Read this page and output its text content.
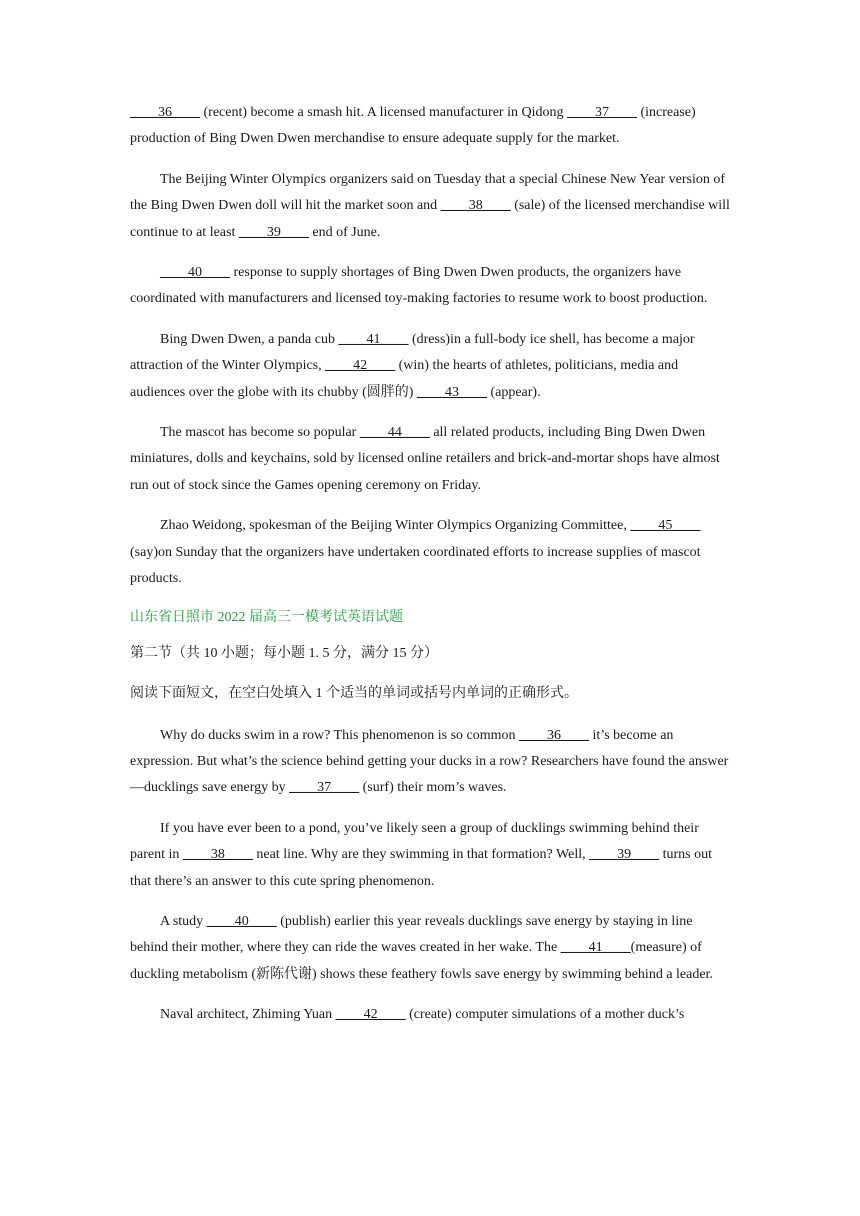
____36____ (recent) become a smash hit. A licensed manufacturer in Qidong ____37____ (increase) production of Bing Dwen Dwen merchandise to ensure adequate supply for the market.

The Beijing Winter Olympics organizers said on Tuesday that a special Chinese New Year version of the Bing Dwen Dwen doll will hit the market soon and ____38____ (sale) of the licensed merchandise will continue to at least ____39____ end of June.

____40____ response to supply shortages of Bing Dwen Dwen products, the organizers have coordinated with manufacturers and licensed toy-making factories to resume work to boost production.

Bing Dwen Dwen, a panda cub ____41____ (dress)in a full-body ice shell, has become a major attraction of the Winter Olympics, ____42____ (win) the hearts of athletes, politicians, media and audiences over the globe with its chubby (圆胖的) ____43____ (appear).

The mascot has become so popular ____44____ all related products, including Bing Dwen Dwen miniatures, dolls and keychains, sold by licensed online retailers and brick-and-mortar shops have almost run out of stock since the Games opening ceremony on Friday.

Zhao Weidong, spokesman of the Beijing Winter Olympics Organizing Committee, ____45____ (say)on Sunday that the organizers have undertaken coordinated efforts to increase supplies of mascot products.

山东省日照市 2022 届高三一模考试英语试题

第二节（共 10 小题；每小题 1. 5 分，满分 15 分）

阅读下面短文，在空白处填入 1 个适当的单词或括号内单词的正确形式。

Why do ducks swim in a row? This phenomenon is so common ____36____ it’s become an expression. But what’s the science behind getting your ducks in a row? Researchers have found the answer—ducklings save energy by ____37____ (surf) their mom’s waves.

If you have ever been to a pond, you’ve likely seen a group of ducklings swimming behind their parent in ____38____ neat line. Why are they swimming in that formation? Well, ____39____ turns out that there’s an answer to this cute spring phenomenon.

A study ____40____ (publish) earlier this year reveals ducklings save energy by staying in line behind their mother, where they can ride the waves created in her wake. The ____41____(measure) of duckling metabolism (新陈代谢) shows these feathery fowls save energy by swimming behind a leader.

Naval architect, Zhiming Yuan ____42____ (create) computer simulations of a mother duck’s
